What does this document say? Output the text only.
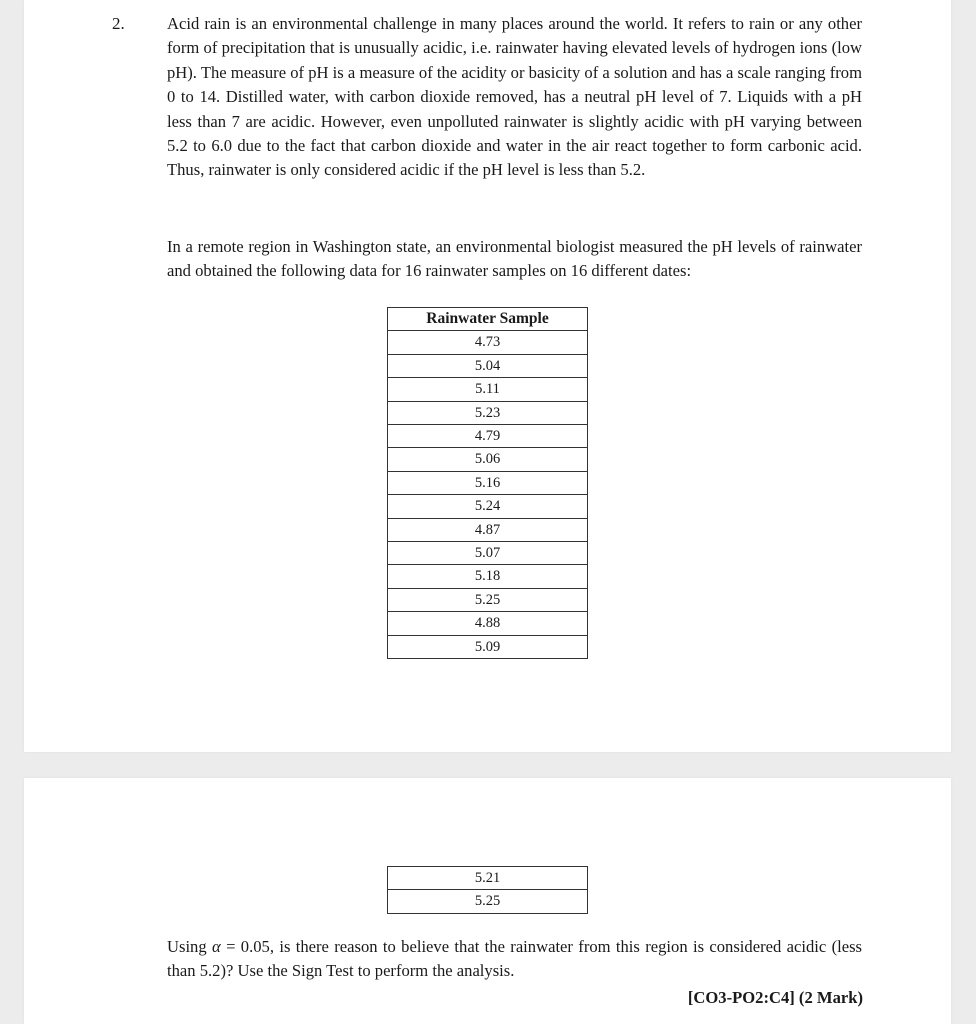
2.	Acid rain is an environmental challenge in many places around the world. It refers to rain or any other form of precipitation that is unusually acidic, i.e. rainwater having elevated levels of hydrogen ions (low pH). The measure of pH is a measure of the acidity or basicity of a solution and has a scale ranging from 0 to 14. Distilled water, with carbon dioxide removed, has a neutral pH level of 7. Liquids with a pH less than 7 are acidic. However, even unpolluted rainwater is slightly acidic with pH varying between 5.2 to 6.0 due to the fact that carbon dioxide and water in the air react together to form carbonic acid. Thus, rainwater is only considered acidic if the pH level is less than 5.2.
In a remote region in Washington state, an environmental biologist measured the pH levels of rainwater and obtained the following data for 16 rainwater samples on 16 different dates:
Rainwater Sample
4.73
5.04
5.11
5.23
4.79
5.06
5.16
5.24
4.87
5.07
5.18
5.25
4.88
5.09
5.21
5.25
Using α = 0.05, is there reason to believe that the rainwater from this region is considered acidic (less than 5.2)? Use the Sign Test to perform the analysis.
[CO3-PO2:C4] (2 Mark)
